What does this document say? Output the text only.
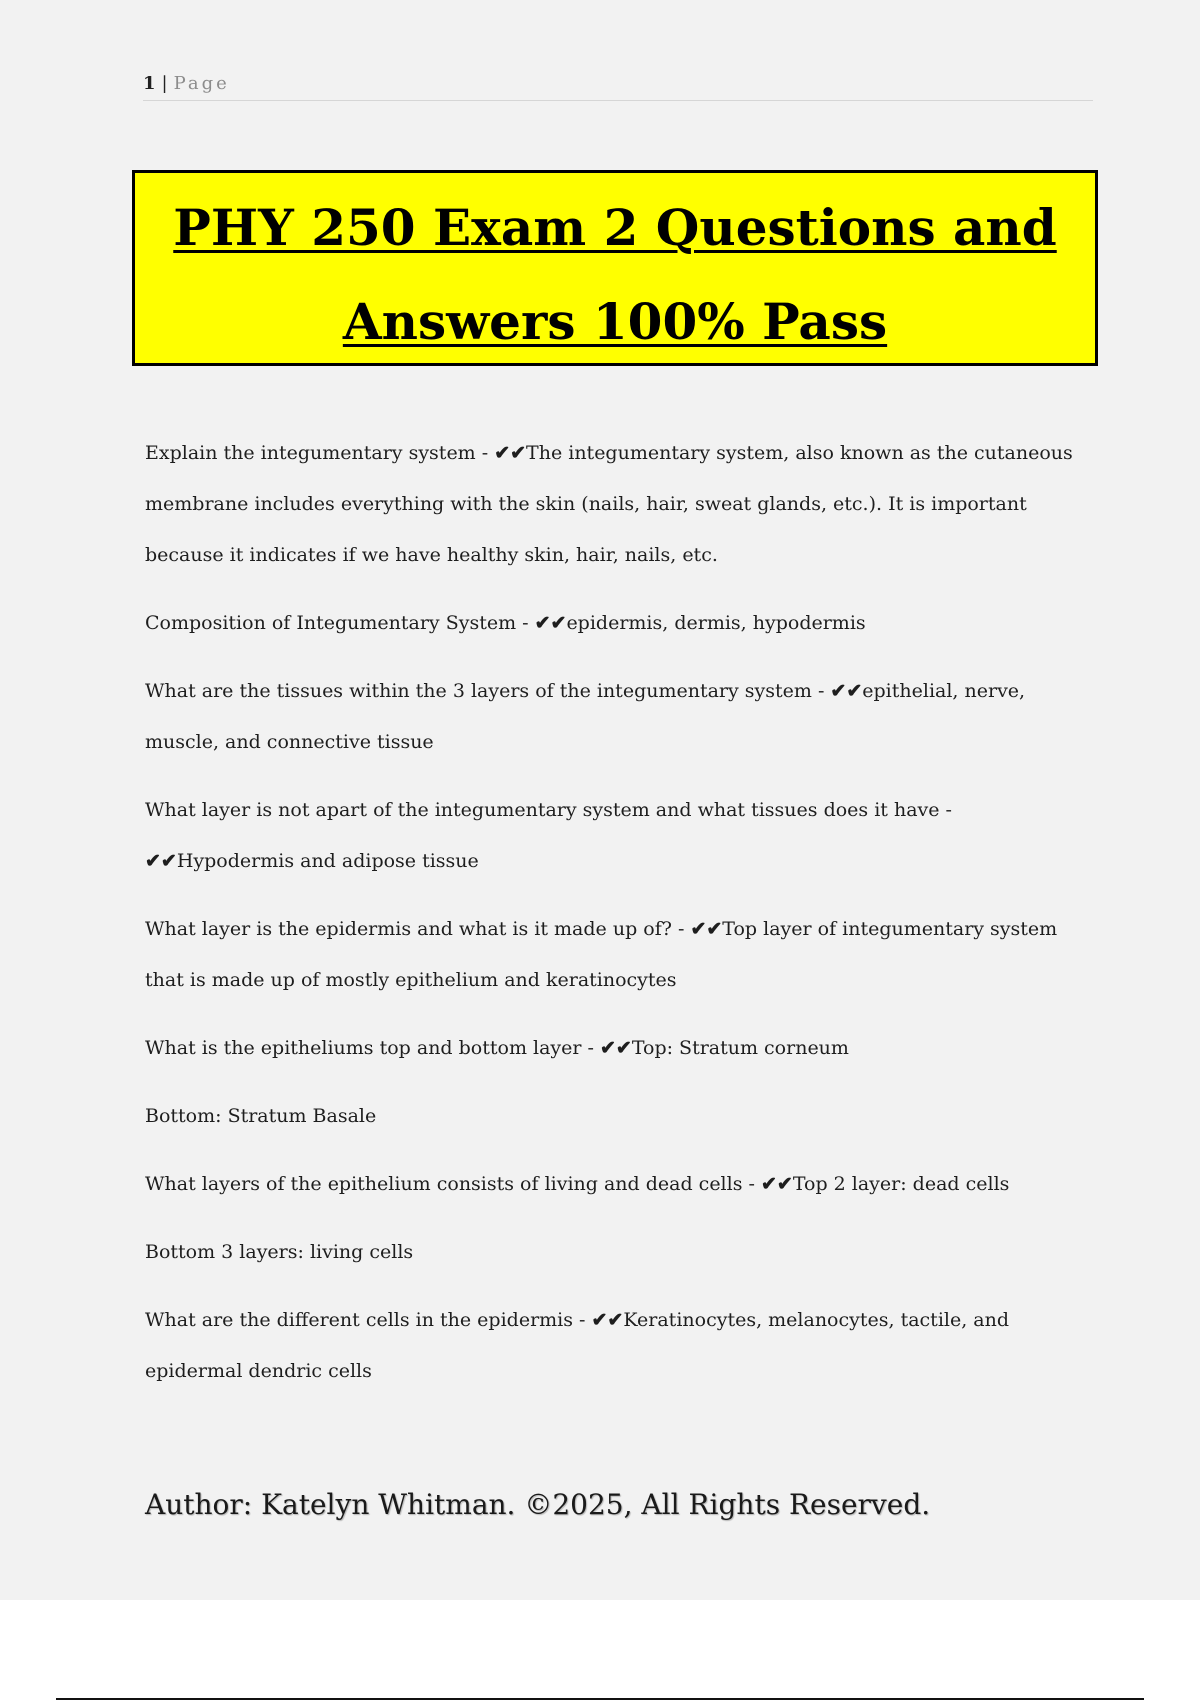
1 | Page
PHY 250 Exam 2 Questions and
Answers 100% Pass

Explain the integumentary system - ✔✔The integumentary system, also known as the cutaneous membrane includes everything with the skin (nails, hair, sweat glands, etc.). It is important because it indicates if we have healthy skin, hair, nails, etc.

Composition of Integumentary System - ✔✔epidermis, dermis, hypodermis

What are the tissues within the 3 layers of the integumentary system - ✔✔epithelial, nerve, muscle, and connective tissue

What layer is not apart of the integumentary system and what tissues does it have - ✔✔Hypodermis and adipose tissue

What layer is the epidermis and what is it made up of? - ✔✔Top layer of integumentary system that is made up of mostly epithelium and keratinocytes

What is the epitheliums top and bottom layer - ✔✔Top: Stratum corneum

Bottom: Stratum Basale

What layers of the epithelium consists of living and dead cells - ✔✔Top 2 layer: dead cells

Bottom 3 layers: living cells

What are the different cells in the epidermis - ✔✔Keratinocytes, melanocytes, tactile, and epidermal dendric cells

Author: Katelyn Whitman. ©2025, All Rights Reserved.
